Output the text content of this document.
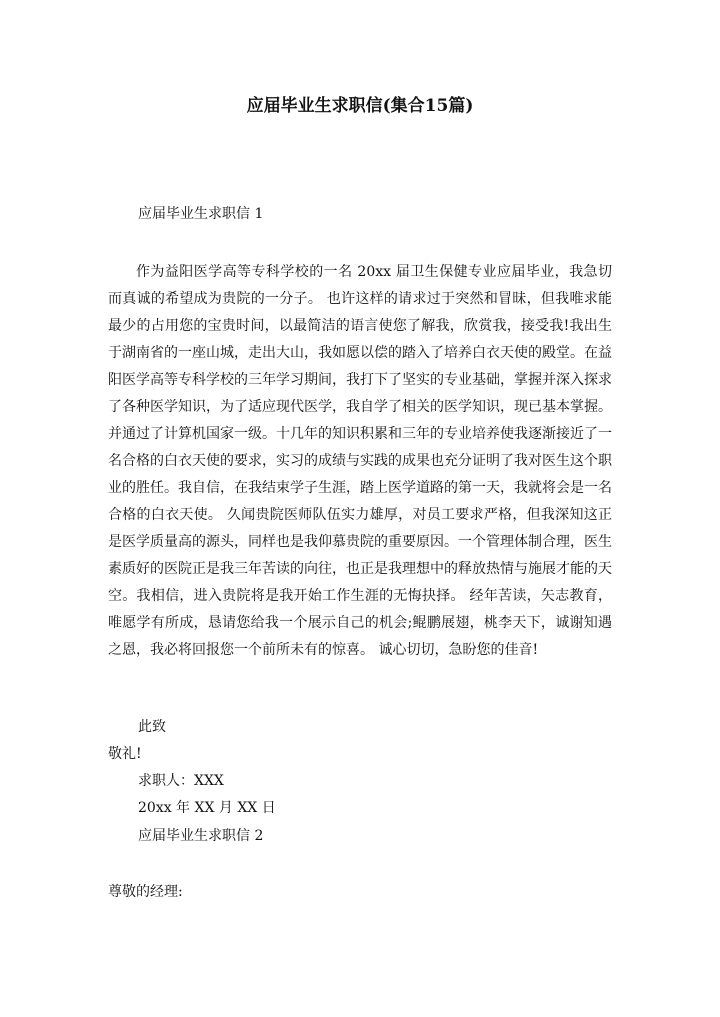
应届毕业生求职信(集合15篇)

应届毕业生求职信 1

作为益阳医学高等专科学校的一名 20xx 届卫生保健专业应届毕业，我急切而真诚的希望成为贵院的一分子。 也许这样的请求过于突然和冒昧，但我唯求能最少的占用您的宝贵时间，以最简洁的语言使您了解我，欣赏我，接受我!我出生于湖南省的一座山城，走出大山，我如愿以偿的踏入了培养白衣天使的殿堂。在益阳医学高等专科学校的三年学习期间，我打下了坚实的专业基础，掌握并深入探求了各种医学知识，为了适应现代医学，我自学了相关的医学知识，现已基本掌握。并通过了计算机国家一级。十几年的知识积累和三年的专业培养使我逐渐接近了一名合格的白衣天使的要求，实习的成绩与实践的成果也充分证明了我对医生这个职业的胜任。我自信，在我结束学子生涯，踏上医学道路的第一天，我就将会是一名合格的白衣天使。 久闻贵院医师队伍实力雄厚，对员工要求严格，但我深知这正是医学质量高的源头，同样也是我仰慕贵院的重要原因。一个管理体制合理，医生素质好的医院正是我三年苦读的向往，也正是我理想中的释放热情与施展才能的天空。我相信，进入贵院将是我开始工作生涯的无悔抉择。 经年苦读，矢志教育，唯愿学有所成，恳请您给我一个展示自己的机会;鲲鹏展翅，桃李天下，诚谢知遇之恩，我必将回报您一个前所未有的惊喜。 诚心切切，急盼您的佳音!

此致

敬礼!

求职人：XXX

20xx 年 XX 月 XX 日

应届毕业生求职信 2

尊敬的经理:
